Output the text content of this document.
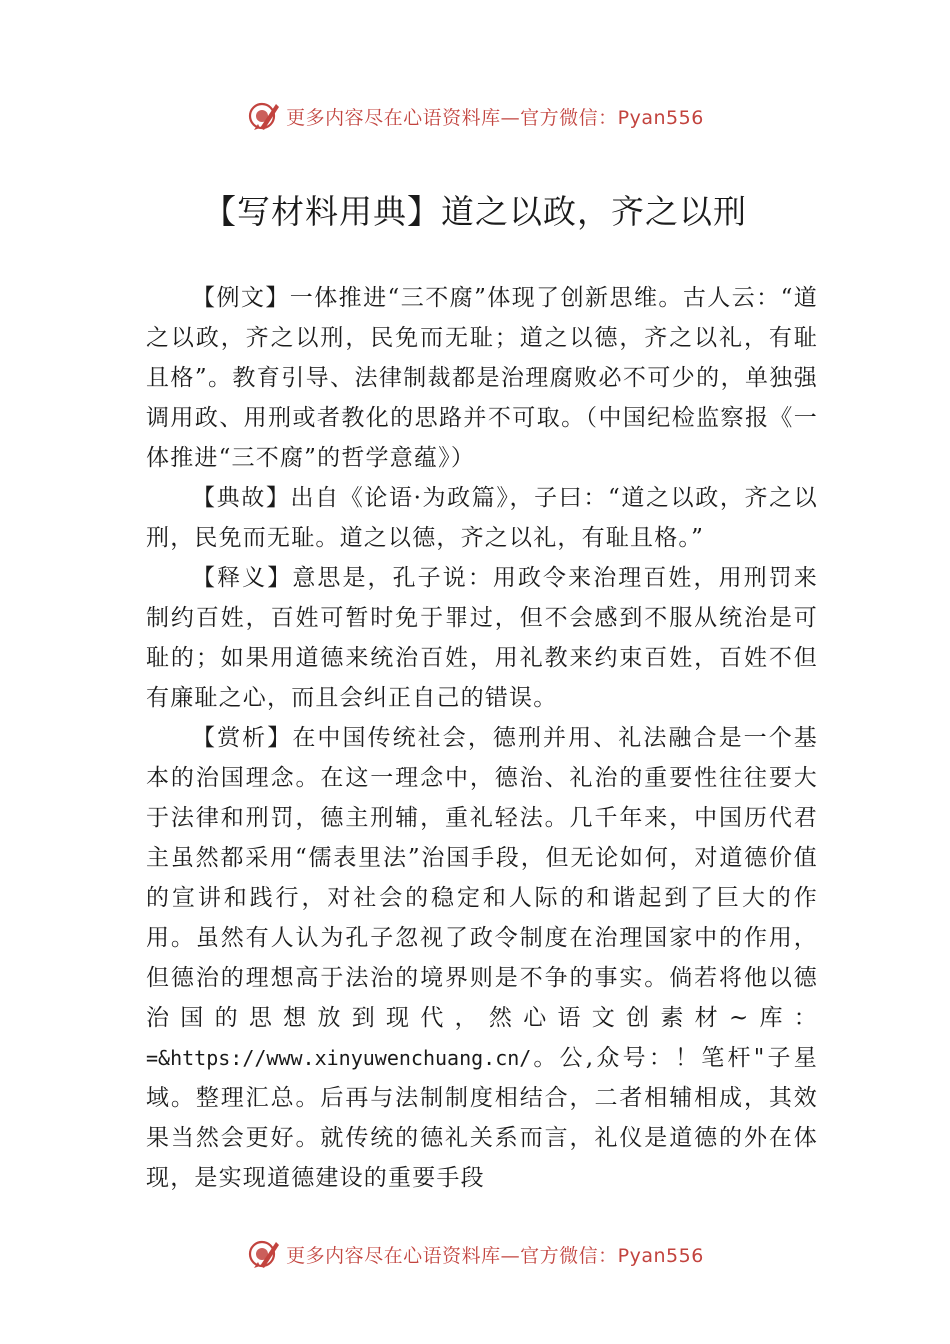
更多内容尽在心语资料库—官方微信：Pyan556
【写材料用典】道之以政，齐之以刑

【例文】一体推进“三不腐”体现了创新思维。古人云：“道之以政，齐之以刑，民免而无耻；道之以德，齐之以礼，有耻且格”。教育引导、法律制裁都是治理腐败必不可少的，单独强调用政、用刑或者教化的思路并不可取。（中国纪检监察报《一体推进“三不腐”的哲学意蕴》）

【典故】出自《论语·为政篇》，子曰：“道之以政，齐之以刑，民免而无耻。道之以德，齐之以礼，有耻且格。”

【释义】意思是，孔子说：用政令来治理百姓，用刑罚来制约百姓，百姓可暂时免于罪过，但不会感到不服从统治是可耻的；如果用道德来统治百姓，用礼教来约束百姓，百姓不但有廉耻之心，而且会纠正自己的错误。

【赏析】在中国传统社会，德刑并用、礼法融合是一个基本的治国理念。在这一理念中，德治、礼治的重要性往往要大于法律和刑罚，德主刑辅，重礼轻法。几千年来，中国历代君主虽然都采用“儒表里法”治国手段，但无论如何，对道德价值的宣讲和践行，对社会的稳定和人际的和谐起到了巨大的作用。虽然有人认为孔子忽视了政令制度在治理国家中的作用，但德治的理想高于法治的境界则是不争的事实。倘若将他以德治国的思想放到现代，然心语文创素材~库：=&https://www.xinyuwenchuang.cn/。公,众号：！笔杆"子星域。整理汇总。后再与法制制度相结合，二者相辅相成，其效果当然会更好。就传统的德礼关系而言，礼仪是道德的外在体现，是实现道德建设的重要手段

更多内容尽在心语资料库—官方微信：Pyan556
